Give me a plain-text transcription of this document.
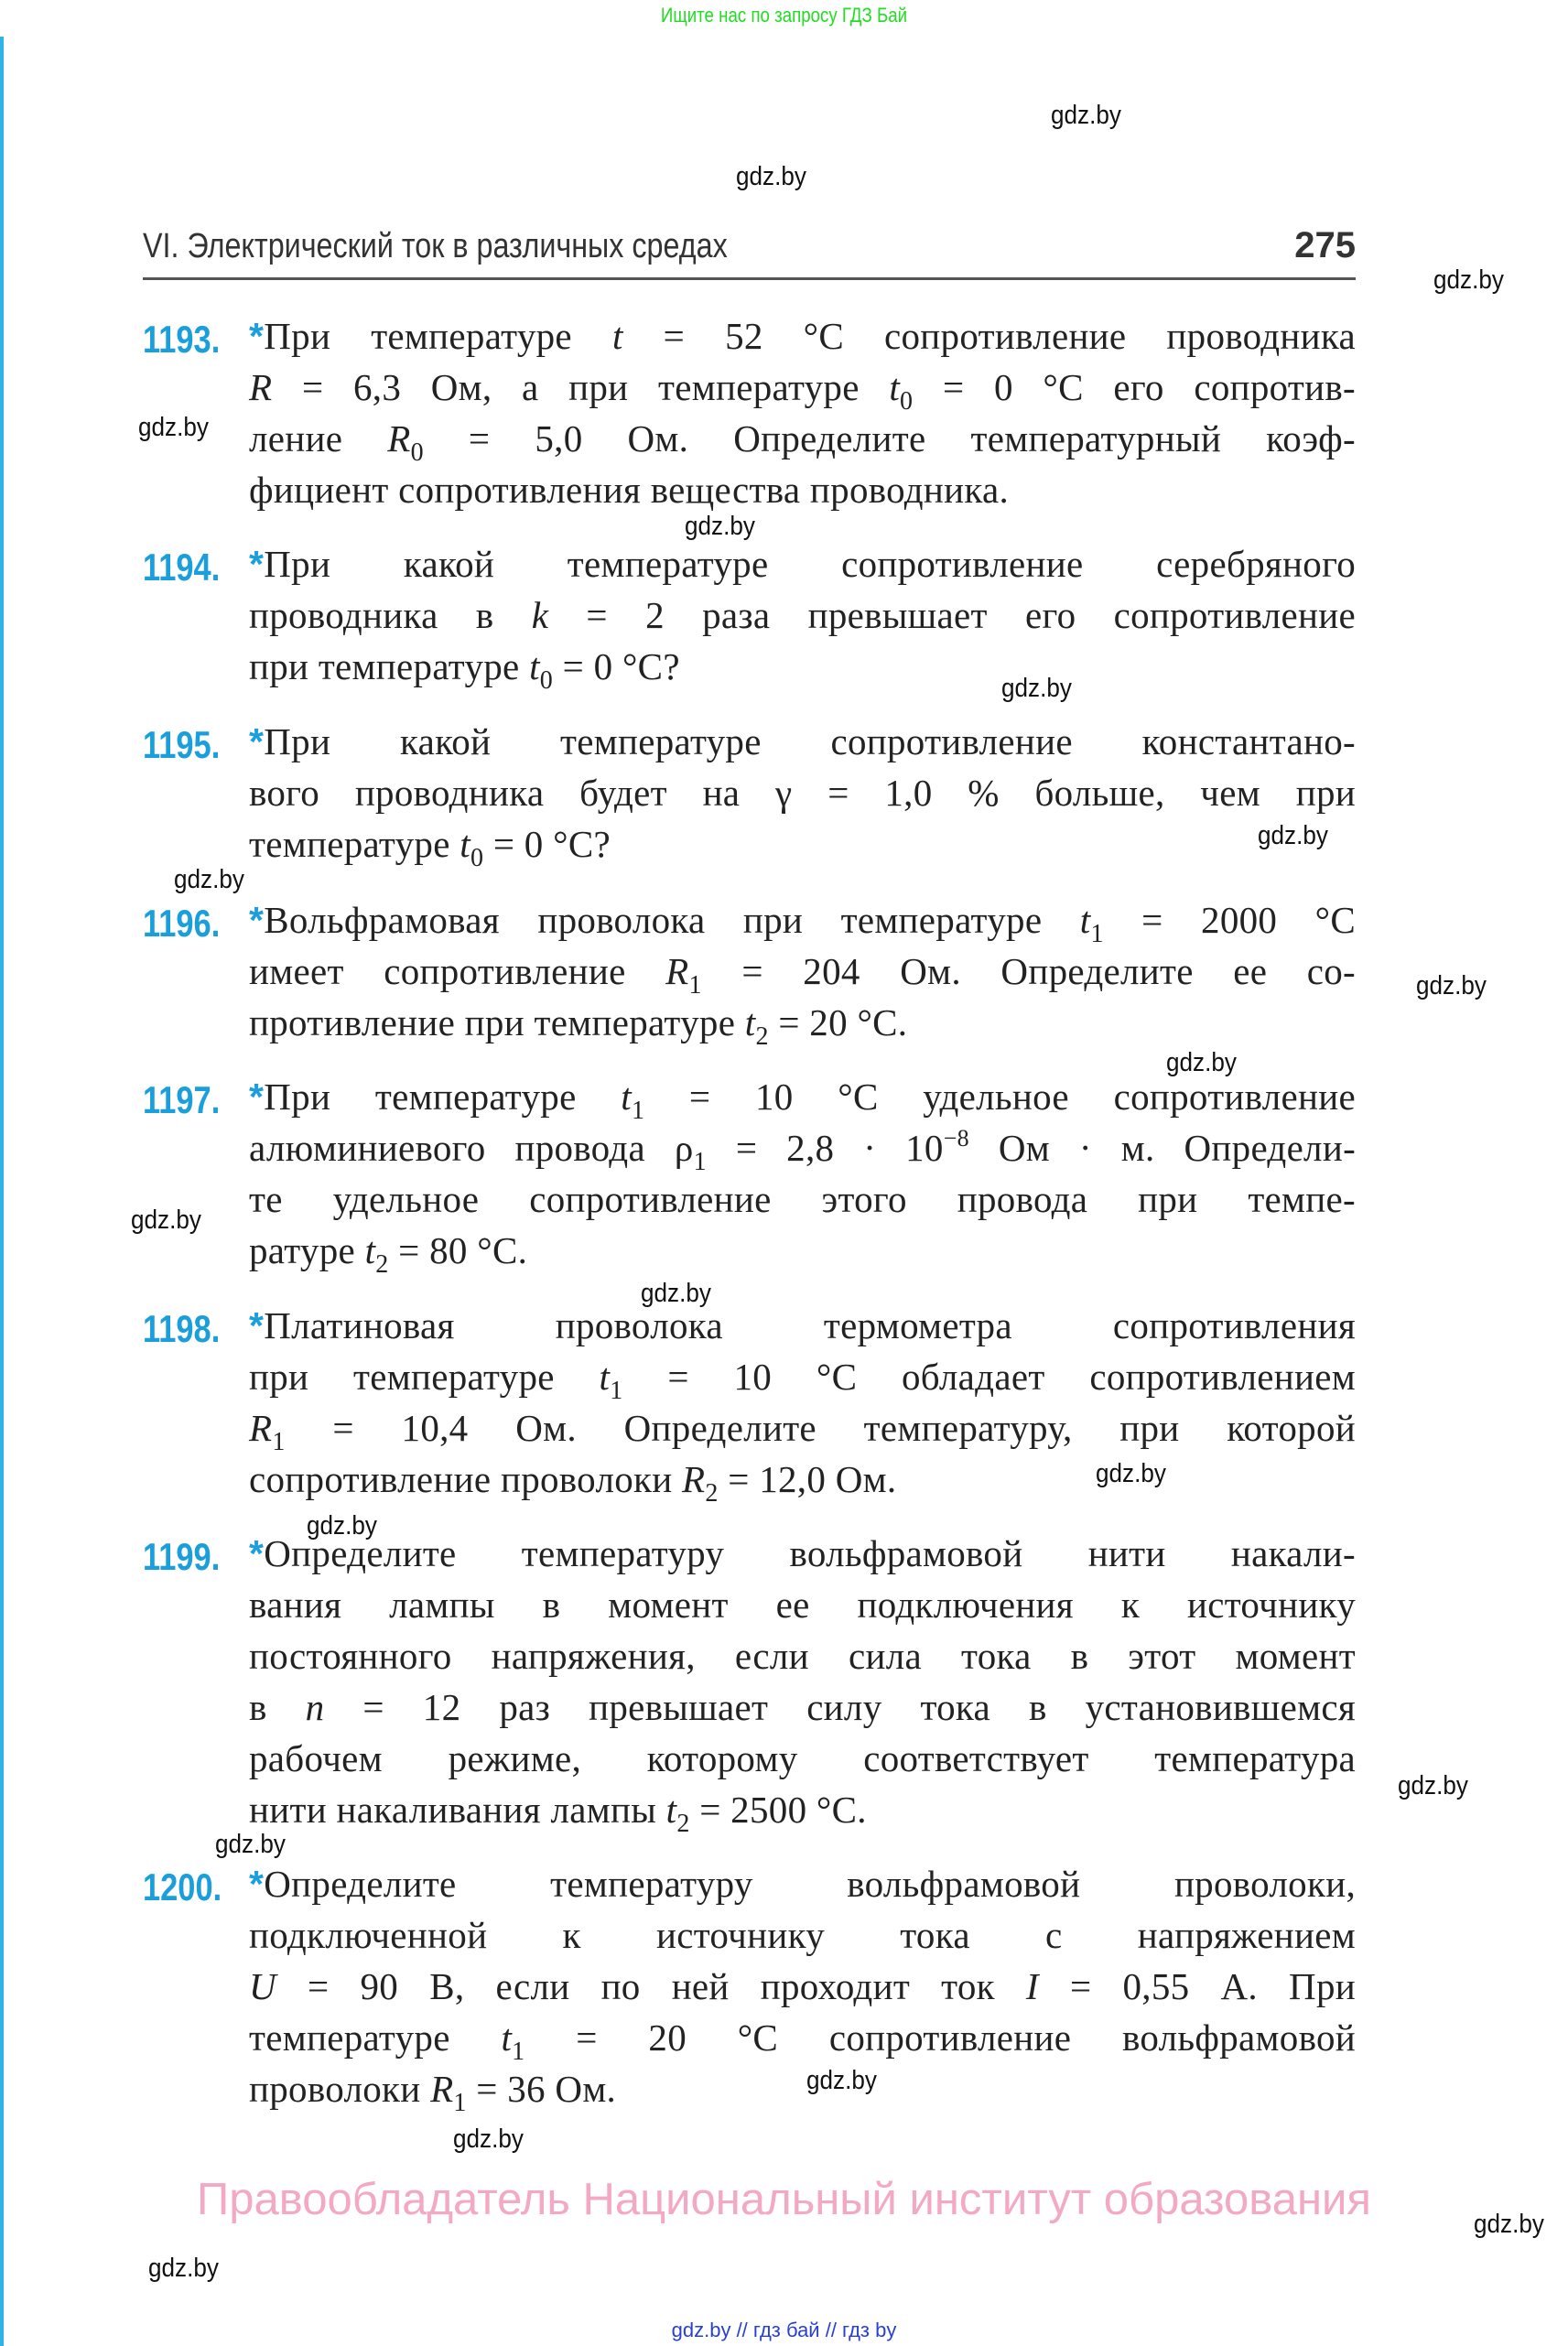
Ищите нас по запросу ГДЗ Бай
VI. Электрический ток в различных средах	275
1193. *При температуре t = 52 °C сопротивление проводника
R = 6,3 Ом, а при температуре $t_0 = 0$ °C его сопротив-
ление $R_0 = 5,0$ Ом. Определите температурный коэф-
фициент сопротивления вещества проводника.
1194. *При какой температуре сопротивление серебряного
проводника в k = 2 раза превышает его сопротивление
при температуре $t_0 = 0$ °C?
1195. *При какой температуре сопротивление константано-
вого проводника будет на γ = 1,0 % больше, чем при
температуре $t_0 = 0$ °C?
1196. *Вольфрамовая проволока при температуре $t_1 = 2000$ °C
имеет сопротивление $R_1 = 204$ Ом. Определите ее со-
противление при температуре $t_2 = 20$ °C.
1197. *При температуре $t_1 = 10$ °C удельное сопротивление
алюминиевого провода $\rho_1 = 2,8 \cdot 10^{-8}$ Ом · м. Определи-
те удельное сопротивление этого провода при темпе-
ратуре $t_2 = 80$ °C.
1198. *Платиновая проволока термометра сопротивления
при температуре $t_1 = 10$ °C обладает сопротивлением
$R_1 = 10,4$ Ом. Определите температуру, при которой
сопротивление проволоки $R_2 = 12,0$ Ом.
1199. *Определите температуру вольфрамовой нити накали-
вания лампы в момент ее подключения к источнику
постоянного напряжения, если сила тока в этот момент
в n = 12 раз превышает силу тока в установившемся
рабочем режиме, которому соответствует температура
нити накаливания лампы $t_2 = 2500$ °C.
1200. *Определите температуру вольфрамовой проволоки,
подключенной к источнику тока с напряжением
U = 90 В, если по ней проходит ток I = 0,55 А. При
температуре $t_1 = 20$ °C сопротивление вольфрамовой
проволоки $R_1 = 36$ Ом.
gdz.by
gdz.by
gdz.by
gdz.by
gdz.by
gdz.by
gdz.by
gdz.by
gdz.by
gdz.by
gdz.by
gdz.by
gdz.by
gdz.by
gdz.by
gdz.by
gdz.by
gdz.by
gdz.by
gdz.by
Правообладатель Национальный институт образования
gdz.by // гдз бай // гдз by
